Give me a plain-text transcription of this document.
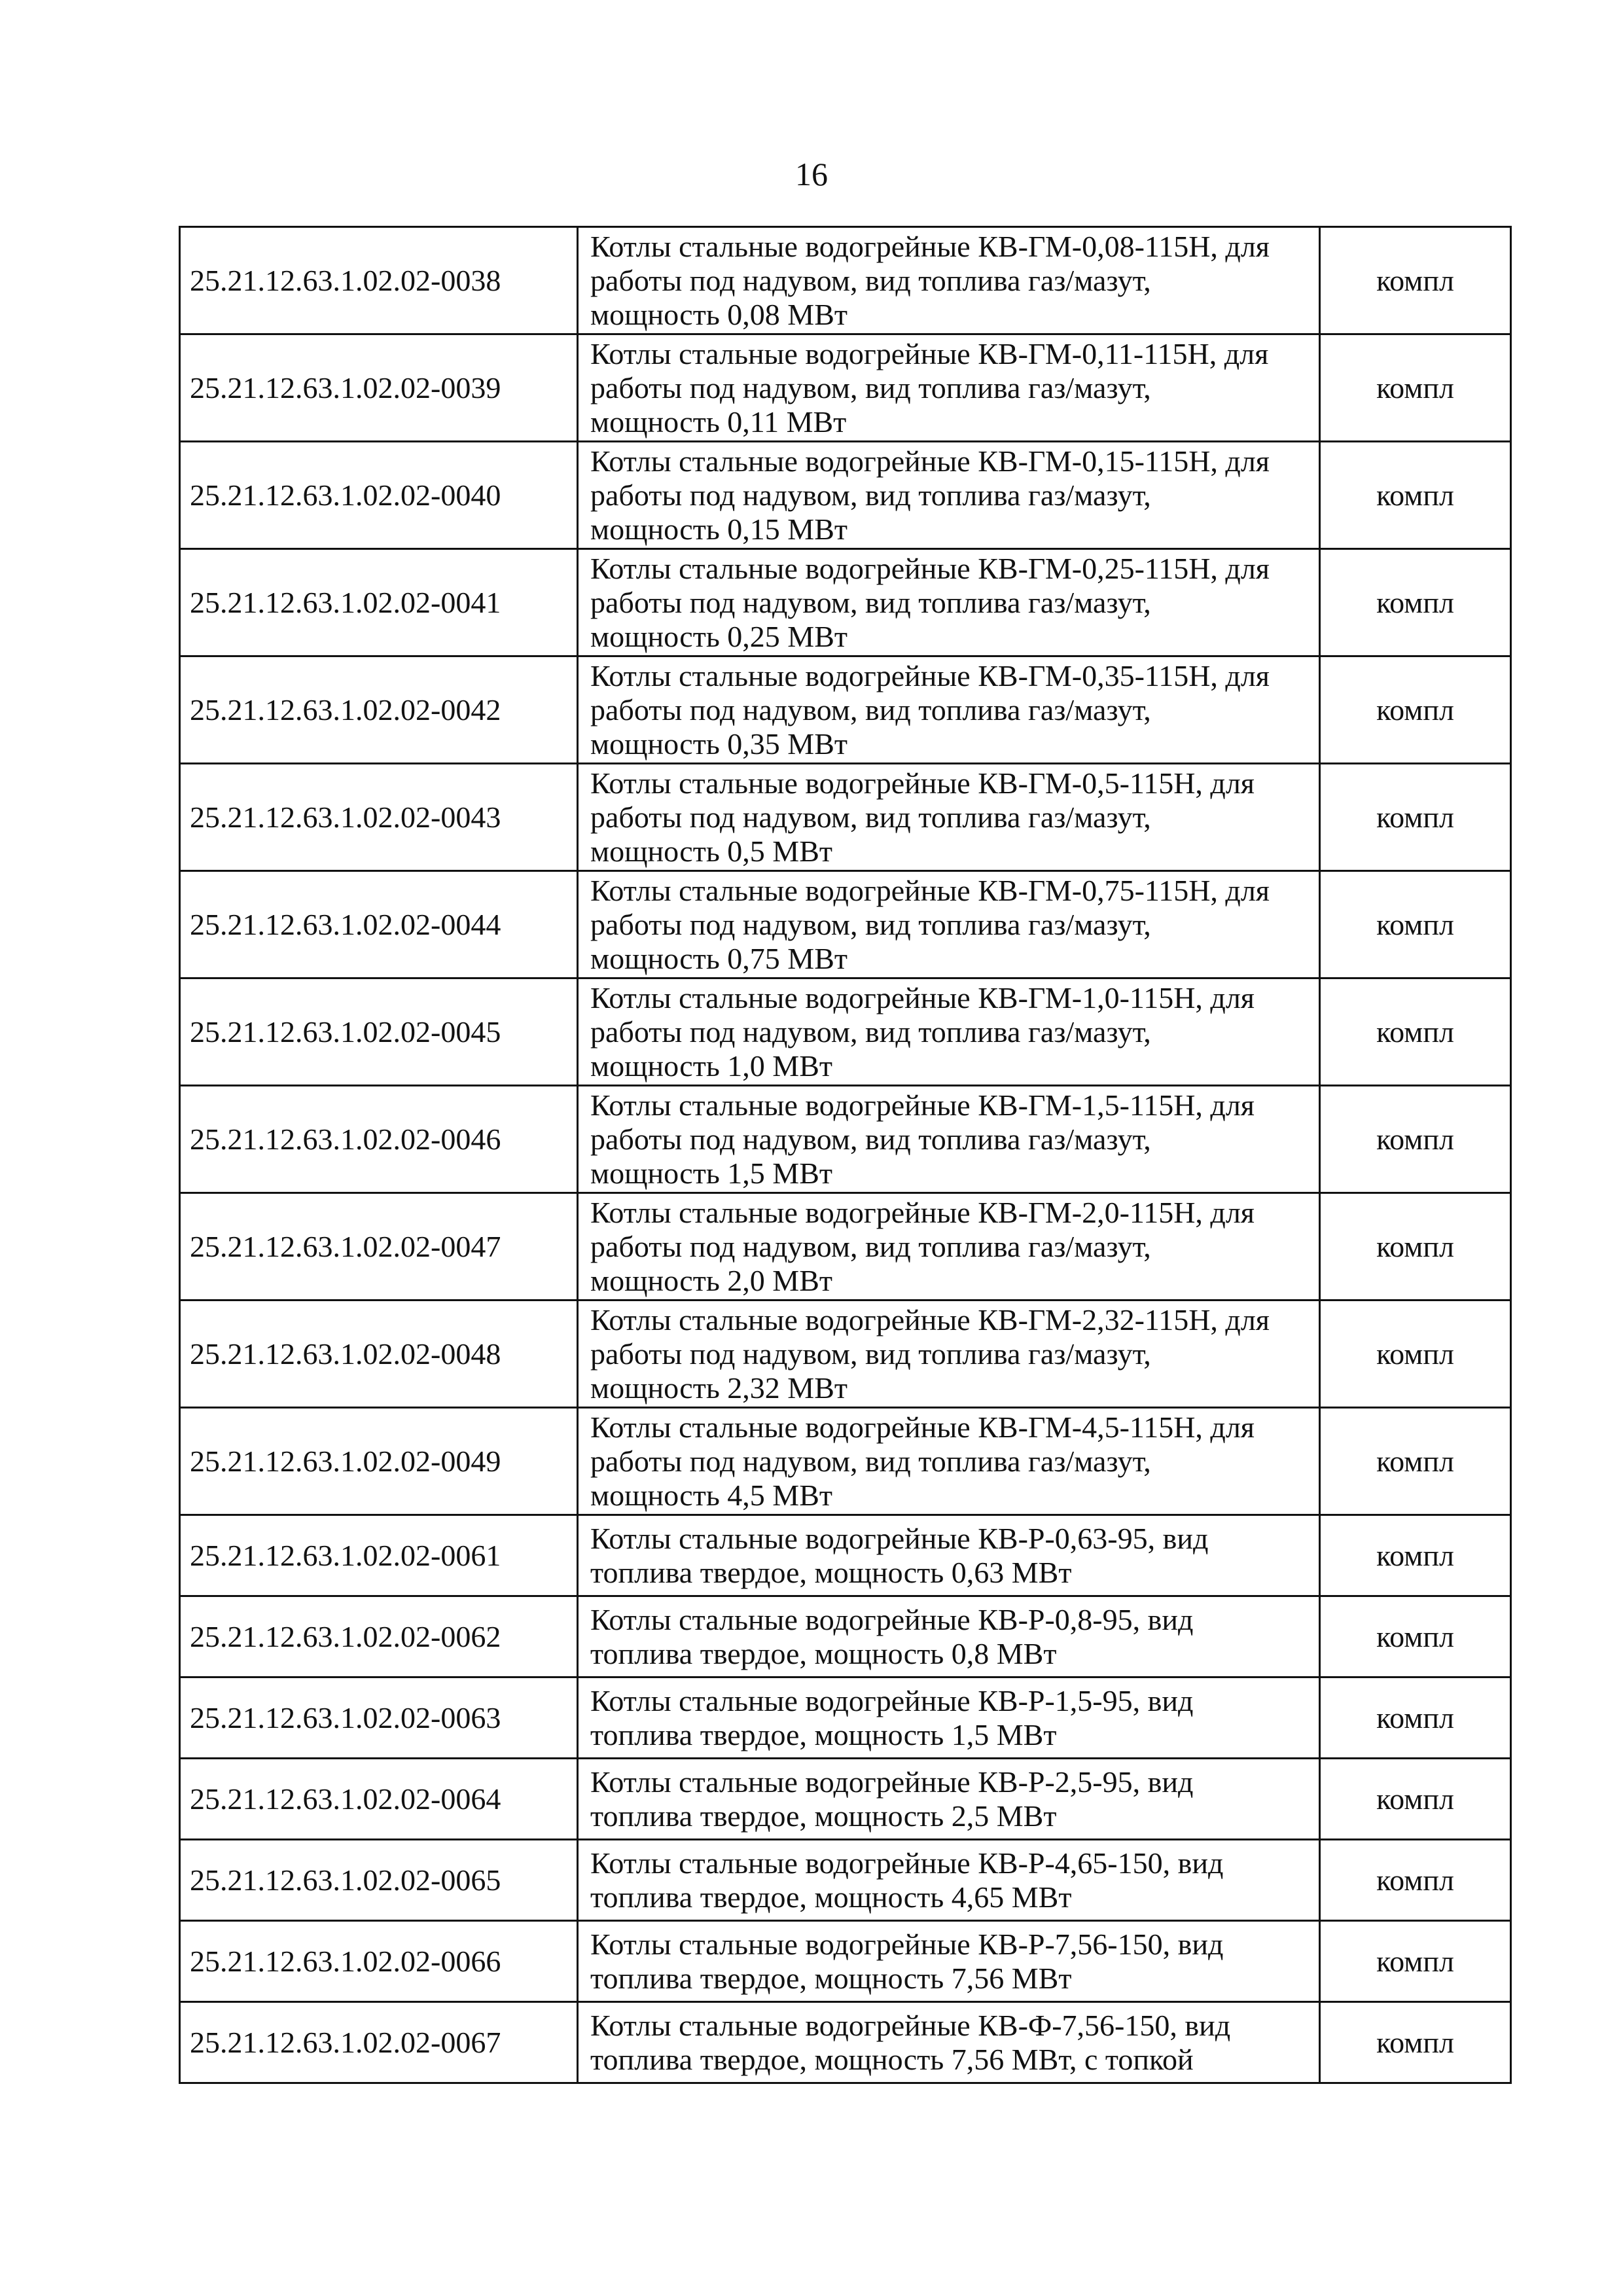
16
25.21.12.63.1.02.02-0038	Котлы стальные водогрейные КВ-ГМ-0,08-115Н, для
работы под надувом, вид топлива газ/мазут,
мощность 0,08 МВт	компл
25.21.12.63.1.02.02-0039	Котлы стальные водогрейные КВ-ГМ-0,11-115Н, для
работы под надувом, вид топлива газ/мазут,
мощность 0,11 МВт	компл
25.21.12.63.1.02.02-0040	Котлы стальные водогрейные КВ-ГМ-0,15-115Н, для
работы под надувом, вид топлива газ/мазут,
мощность 0,15 МВт	компл
25.21.12.63.1.02.02-0041	Котлы стальные водогрейные КВ-ГМ-0,25-115Н, для
работы под надувом, вид топлива газ/мазут,
мощность 0,25 МВт	компл
25.21.12.63.1.02.02-0042	Котлы стальные водогрейные КВ-ГМ-0,35-115Н, для
работы под надувом, вид топлива газ/мазут,
мощность 0,35 МВт	компл
25.21.12.63.1.02.02-0043	Котлы стальные водогрейные КВ-ГМ-0,5-115Н, для
работы под надувом, вид топлива газ/мазут,
мощность 0,5 МВт	компл
25.21.12.63.1.02.02-0044	Котлы стальные водогрейные КВ-ГМ-0,75-115Н, для
работы под надувом, вид топлива газ/мазут,
мощность 0,75 МВт	компл
25.21.12.63.1.02.02-0045	Котлы стальные водогрейные КВ-ГМ-1,0-115Н, для
работы под надувом, вид топлива газ/мазут,
мощность 1,0 МВт	компл
25.21.12.63.1.02.02-0046	Котлы стальные водогрейные КВ-ГМ-1,5-115Н, для
работы под надувом, вид топлива газ/мазут,
мощность 1,5 МВт	компл
25.21.12.63.1.02.02-0047	Котлы стальные водогрейные КВ-ГМ-2,0-115Н, для
работы под надувом, вид топлива газ/мазут,
мощность 2,0 МВт	компл
25.21.12.63.1.02.02-0048	Котлы стальные водогрейные КВ-ГМ-2,32-115Н, для
работы под надувом, вид топлива газ/мазут,
мощность 2,32 МВт	компл
25.21.12.63.1.02.02-0049	Котлы стальные водогрейные КВ-ГМ-4,5-115Н, для
работы под надувом, вид топлива газ/мазут,
мощность 4,5 МВт	компл
25.21.12.63.1.02.02-0061	Котлы стальные водогрейные КВ-Р-0,63-95, вид
топлива твердое, мощность 0,63 МВт	компл
25.21.12.63.1.02.02-0062	Котлы стальные водогрейные КВ-Р-0,8-95, вид
топлива твердое, мощность 0,8 МВт	компл
25.21.12.63.1.02.02-0063	Котлы стальные водогрейные КВ-Р-1,5-95, вид
топлива твердое, мощность 1,5 МВт	компл
25.21.12.63.1.02.02-0064	Котлы стальные водогрейные КВ-Р-2,5-95, вид
топлива твердое, мощность 2,5 МВт	компл
25.21.12.63.1.02.02-0065	Котлы стальные водогрейные КВ-Р-4,65-150, вид
топлива твердое, мощность 4,65 МВт	компл
25.21.12.63.1.02.02-0066	Котлы стальные водогрейные КВ-Р-7,56-150, вид
топлива твердое, мощность 7,56 МВт	компл
25.21.12.63.1.02.02-0067	Котлы стальные водогрейные КВ-Ф-7,56-150, вид
топлива твердое, мощность 7,56 МВт, с топкой	компл
